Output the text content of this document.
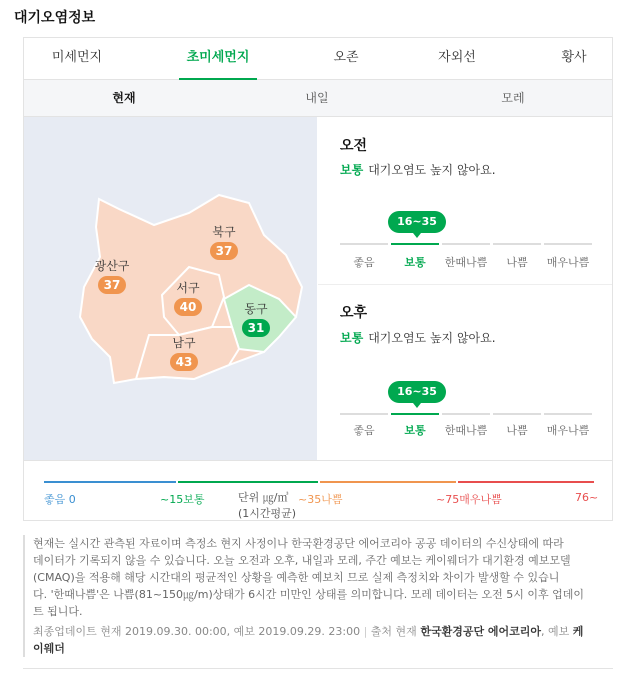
대기오염정보
미세먼지	초미세먼지	오존	자외선	황사
현재	내일	모레
광산구
37
북구
37
서구
40	동구
31
남구
43
단위 ㎍/㎥
(1시간평균)
오전
보통 대기오염도 높지 않아요.
16~35
좋음	보통	한때나쁨	나쁨	매우나쁨
오후
보통 대기오염도 높지 않아요.
16~35
좋음	보통	한때나쁨	나쁨	매우나쁨
좋음 0	~15보통	~35나쁨	~75매우나쁨	76~
현재는 실시간 관측된 자료이며 측정소 현지 사정이나 한국환경공단 에어코리아 공공 데이터의 수신상태에 따라
데이터가 기록되지 않을 수 있습니다. 오늘 오전과 오후, 내일과 모레, 주간 예보는 케이웨더가 대기환경 예보모델
(CMAQ)을 적용해 해당 시간대의 평균적인 상황을 예측한 예보치 므로 실제 측정치와 차이가 발생할 수 있습니
다. '한때나쁨'은 나쁨(81~150㎍/m)상태가 6시간 미만인 상태를 의미합니다. 모레 데이터는 오전 5시 이후 업데이
트 됩니다.
최종업데이트 현재 2019.09.30. 00:00, 예보 2019.09.29. 23:00 | 출처 현재 한국환경공단 에어코리아, 예보 케이웨더
